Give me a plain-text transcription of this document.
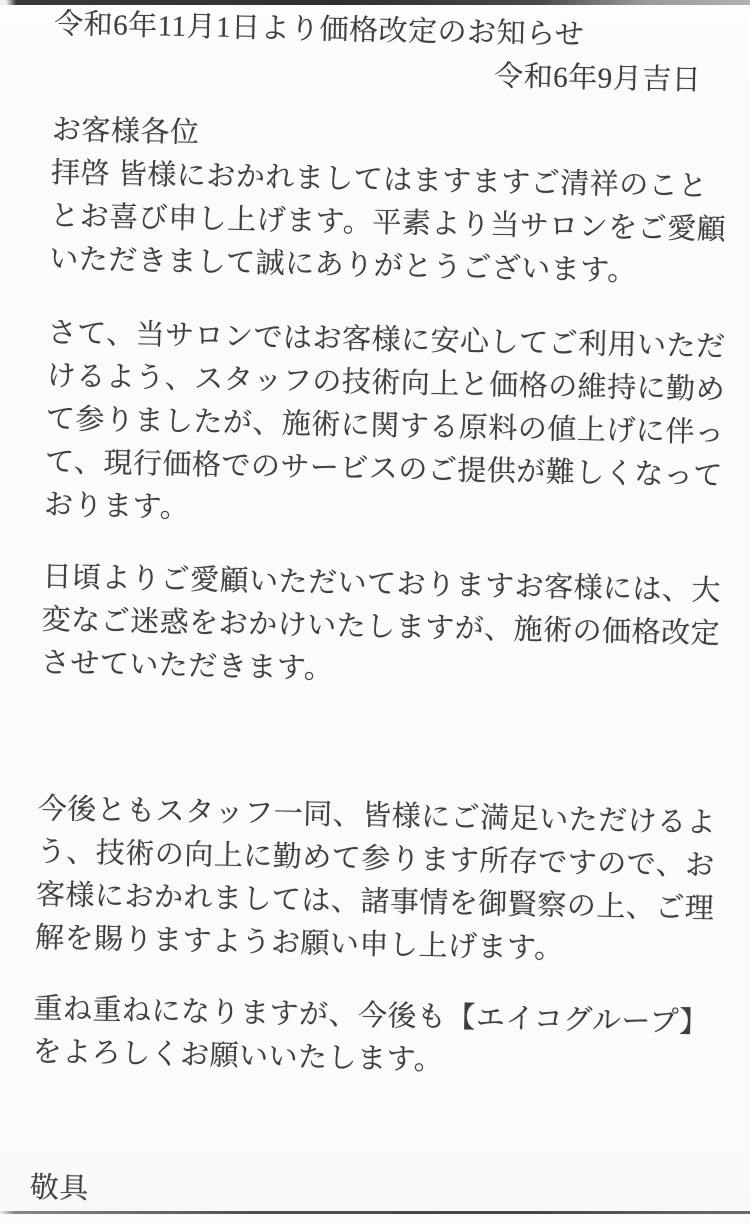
令和6年11月1日より価格改定のお知らせ
令和6年9月吉日
お客様各位
拝啓 皆様におかれましてはますますご清祥のこと
とお喜び申し上げます。平素より当サロンをご愛顧
いただきまして誠にありがとうございます。
さて、当サロンではお客様に安心してご利用いただ
けるよう、スタッフの技術向上と価格の維持に勤め
て参りましたが、施術に関する原料の値上げに伴っ
て、現行価格でのサービスのご提供が難しくなって
おります。
日頃よりご愛顧いただいておりますお客様には、大
変なご迷惑をおかけいたしますが、施術の価格改定
させていただきます。
今後ともスタッフ一同、皆様にご満足いただけるよ
う、技術の向上に勤めて参ります所存ですので、お
客様におかれましては、諸事情を御賢察の上、ご理
解を賜りますようお願い申し上げます。
重ね重ねになりますが、今後も【エイコグループ】
をよろしくお願いいたします。
敬具
